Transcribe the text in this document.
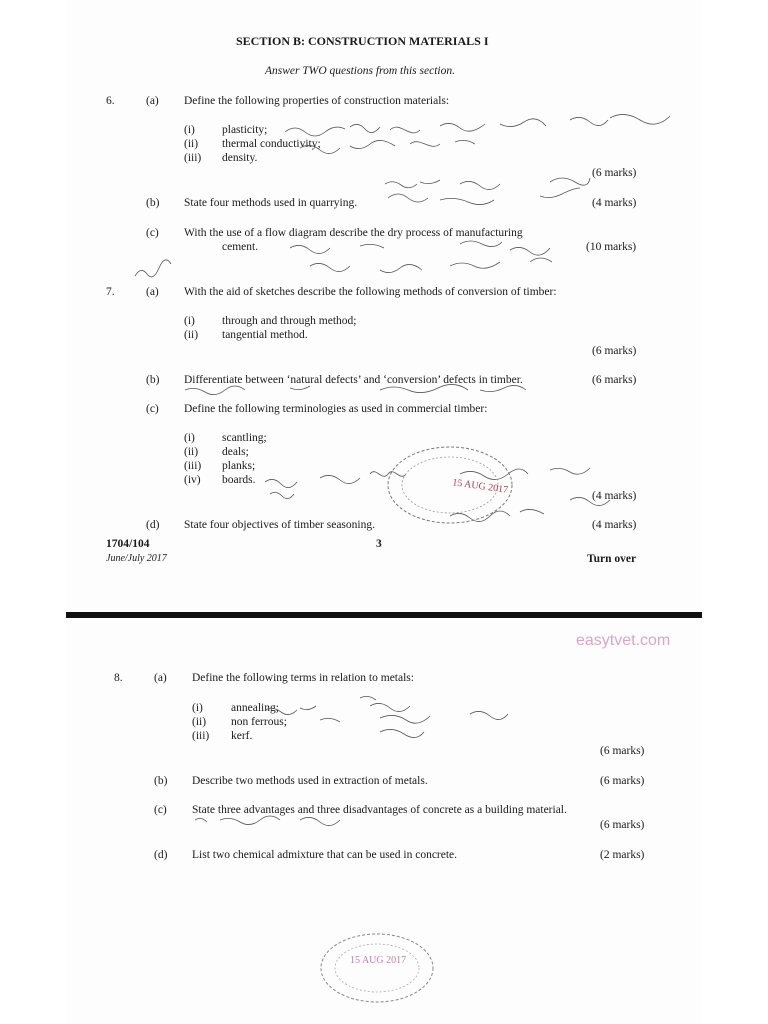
SECTION B: CONSTRUCTION MATERIALS I
Answer TWO questions from this section.
6.	(a) Define the following properties of construction materials:
(i) plasticity;
(ii) thermal conductivity;
(iii) density.
(6 marks)
(b) State four methods used in quarrying.	(4 marks)
(c) With the use of a flow diagram describe the dry process of manufacturing
cement.	(10 marks)
7.	(a) With the aid of sketches describe the following methods of conversion of timber:
(i) through and through method;
(ii) tangential method.
(6 marks)
(b) Differentiate between ‘natural defects’ and ‘conversion’ defects in timber.	(6 marks)
(c) Define the following terminologies as used in commercial timber:
(i) scantling;
(ii) deals;
(iii) planks;
(iv) boards.
(4 marks)
(d) State four objectives of timber seasoning.	(4 marks)
1704/104
June/July 2017
3
Turn over
easytvet.com
8.	(a) Define the following terms in relation to metals:
(i) annealing;
(ii) non ferrous;
(iii) kerf.
(6 marks)
(b) Describe two methods used in extraction of metals.	(6 marks)
(c) State three advantages and three disadvantages of concrete as a building material.
(6 marks)
(d) List two chemical admixture that can be used in concrete.	(2 marks)
15 AUG 2017
15 AUG 2017
